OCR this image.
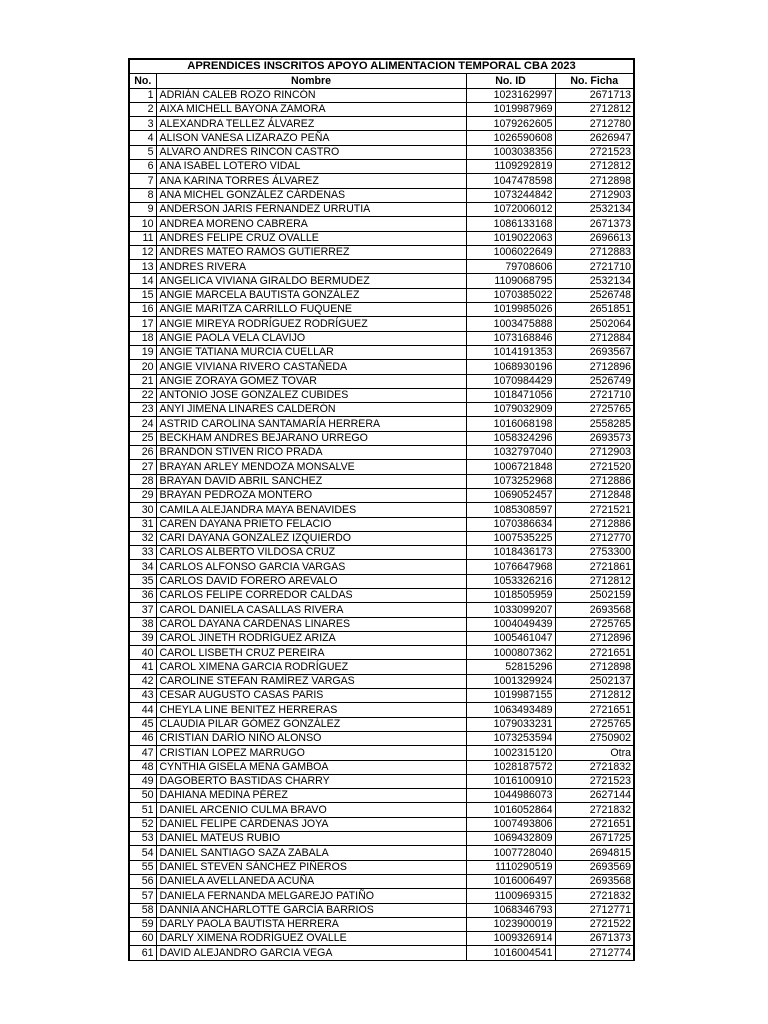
APRENDICES INSCRITOS APOYO ALIMENTACION TEMPORAL CBA 2023			
No.	Nombre	No. ID	No. Ficha
1	ADRIÁN CALEB ROZO RINCÓN	1023162997	2671713
2	AIXA MICHELL BAYONA ZAMORA	1019987969	2712812
3	ALEXANDRA TELLEZ ÁLVAREZ	1079262605	2712780
4	ALISON VANESA LIZARAZO PEÑA	1026590608	2626947
5	ALVARO ANDRES RINCON CASTRO	1003038356	2721523
6	ANA ISABEL LOTERO VIDAL	1109292819	2712812
7	ANA KARINA TORRES ÁLVAREZ	1047478598	2712898
8	ANA MICHEL GONZÁLEZ CÁRDENAS	1073244842	2712903
9	ANDERSON JARIS FERNANDEZ URRUTIA	1072006012	2532134
10	ANDREA MORENO CABRERA	1086133168	2671373
11	ANDRES FELIPE CRUZ OVALLE	1019022063	2696613
12	ANDRES MATEO RAMOS GUTIERREZ	1006022649	2712883
13	ANDRES RIVERA	79708606	2721710
14	ANGELICA VIVIANA GIRALDO BERMUDEZ	1109068795	2532134
15	ANGIE MARCELA BAUTISTA GONZÁLEZ	1070385022	2526748
16	ANGIE MARITZA CARRILLO FUQUENE	1019985026	2651851
17	ANGIE MIREYA RODRÍGUEZ RODRÍGUEZ	1003475888	2502064
18	ANGIE PAOLA VELA CLAVIJO	1073168846	2712884
19	ANGIE TATIANA MURCIA CUELLAR	1014191353	2693567
20	ANGIE VIVIANA RIVERO CASTAÑEDA	1068930196	2712896
21	ANGIE ZORAYA GOMEZ TOVAR	1070984429	2526749
22	ANTONIO JOSE GONZALEZ CUBIDES	1018471056	2721710
23	ANYI JIMENA LINARES CALDERÓN	1079032909	2725765
24	ASTRID CAROLINA SANTAMARÍA HERRERA	1016068198	2558285
25	BECKHAM ANDRES BEJARANO URREGO	1058324296	2693573
26	BRANDON STIVEN RICO PRADA	1032797040	2712903
27	BRAYAN ARLEY MENDOZA MONSALVE	1006721848	2721520
28	BRAYAN DAVID ABRIL SANCHEZ	1073252968	2712886
29	BRAYAN PEDROZA MONTERO	1069052457	2712848
30	CAMILA ALEJANDRA MAYA BENAVIDES	1085308597	2721521
31	CAREN DAYANA PRIETO FELACIO	1070386634	2712886
32	CARI DAYANA GONZALEZ IZQUIERDO	1007535225	2712770
33	CARLOS ALBERTO VILDOSA CRUZ	1018436173	2753300
34	CARLOS ALFONSO GARCIA VARGAS	1076647968	2721861
35	CARLOS DAVID FORERO AREVALO	1053326216	2712812
36	CARLOS FELIPE CORREDOR CALDAS	1018505959	2502159
37	CAROL DANIELA CASALLAS RIVERA	1033099207	2693568
38	CAROL DAYANA CARDENAS LINARES	1004049439	2725765
39	CAROL JINETH RODRÍGUEZ ARIZA	1005461047	2712896
40	CAROL LISBETH CRUZ PEREIRA	1000807362	2721651
41	CAROL XIMENA GARCIA RODRÍGUEZ	52815296	2712898
42	CAROLINE STEFAN RAMÍREZ VARGAS	1001329924	2502137
43	CESAR AUGUSTO CASAS PARIS	1019987155	2712812
44	CHEYLA LINE BENITEZ HERRERAS	1063493489	2721651
45	CLAUDIA PILAR GÓMEZ GONZÁLEZ	1079033231	2725765
46	CRISTIAN DARÍO NIÑO ALONSO	1073253594	2750902
47	CRISTIAN LOPEZ MARRUGO	1002315120	Otra
48	CYNTHIA GISELA MENA GAMBOA	1028187572	2721832
49	DAGOBERTO BASTIDAS CHARRY	1016100910	2721523
50	DAHIANA MEDINA PÉREZ	1044986073	2627144
51	DANIEL ARCENIO CULMA BRAVO	1016052864	2721832
52	DANIEL FELIPE CÁRDENAS JOYA	1007493806	2721651
53	DANIEL MATEUS RUBIO	1069432809	2671725
54	DANIEL SANTIAGO SAZA ZABALA	1007728040	2694815
55	DANIEL STEVEN SÁNCHEZ PIÑEROS	1110290519	2693569
56	DANIELA AVELLANEDA ACUÑA	1016006497	2693568
57	DANIELA FERNANDA MELGAREJO PATIÑO	1100969315	2721832
58	DANNIA ANCHARLOTTE GARCÍA BARRIOS	1068346793	2712771
59	DARLY PAOLA BAUTISTA HERRERA	1023900019	2721522
60	DARLY XIMENA RODRÍGUEZ OVALLE	1009326914	2671373
61	DAVID ALEJANDRO GARCIA VEGA	1016004541	2712774
